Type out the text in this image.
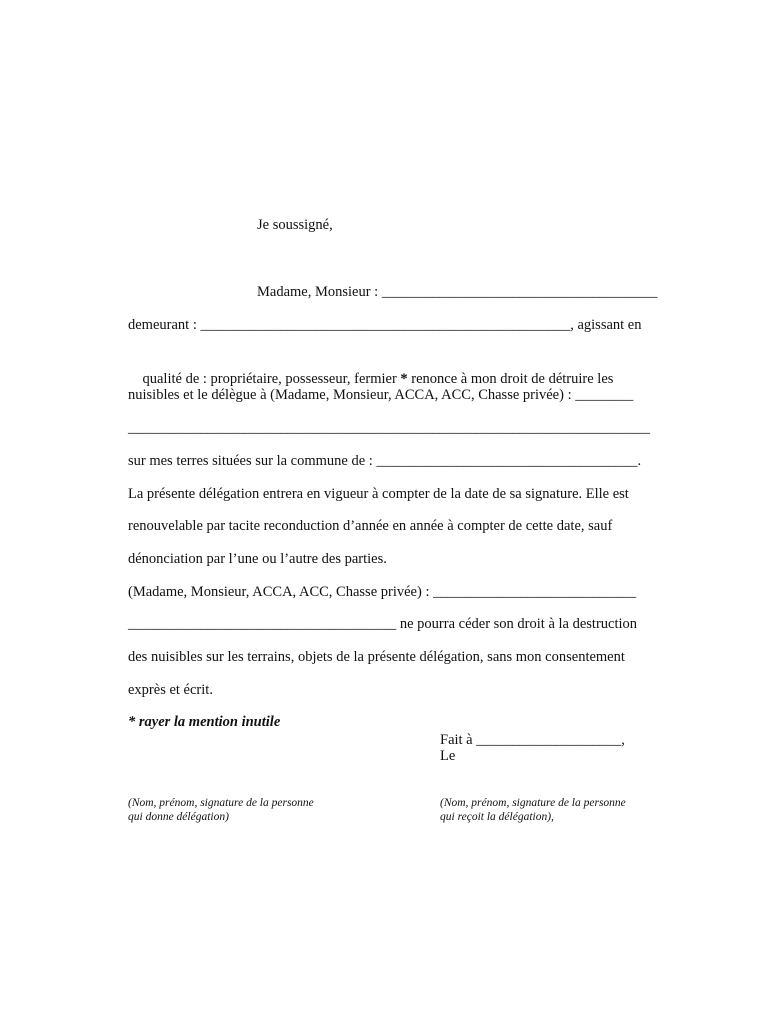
Je soussigné,
Madame, Monsieur : ______________________________________
demeurant : ___________________________________________________, agissant en

qualité de : propriétaire, possesseur, fermier * renonce à mon droit de détruire les

nuisibles et le délègue à (Madame, Monsieur, ACCA, ACC, Chasse privée) : ________
________________________________________________________________________
sur mes terres situées sur la commune de : ____________________________________.
La présente délégation entrera en vigueur à compter de la date de sa signature. Elle est
renouvelable par tacite reconduction d’année en année à compter de cette date, sauf
dénonciation par l’une ou l’autre des parties.
(Madame, Monsieur, ACCA, ACC, Chasse privée) : ____________________________
_____________________________________ ne pourra céder son droit à la destruction
des nuisibles sur les terrains, objets de la présente délégation, sans mon consentement
exprès et écrit.
* rayer la mention inutile
Fait à ____________________,
Le
(Nom, prénom, signature de la personne
qui donne délégation)
(Nom, prénom, signature de la personne
qui reçoit la délégation),
